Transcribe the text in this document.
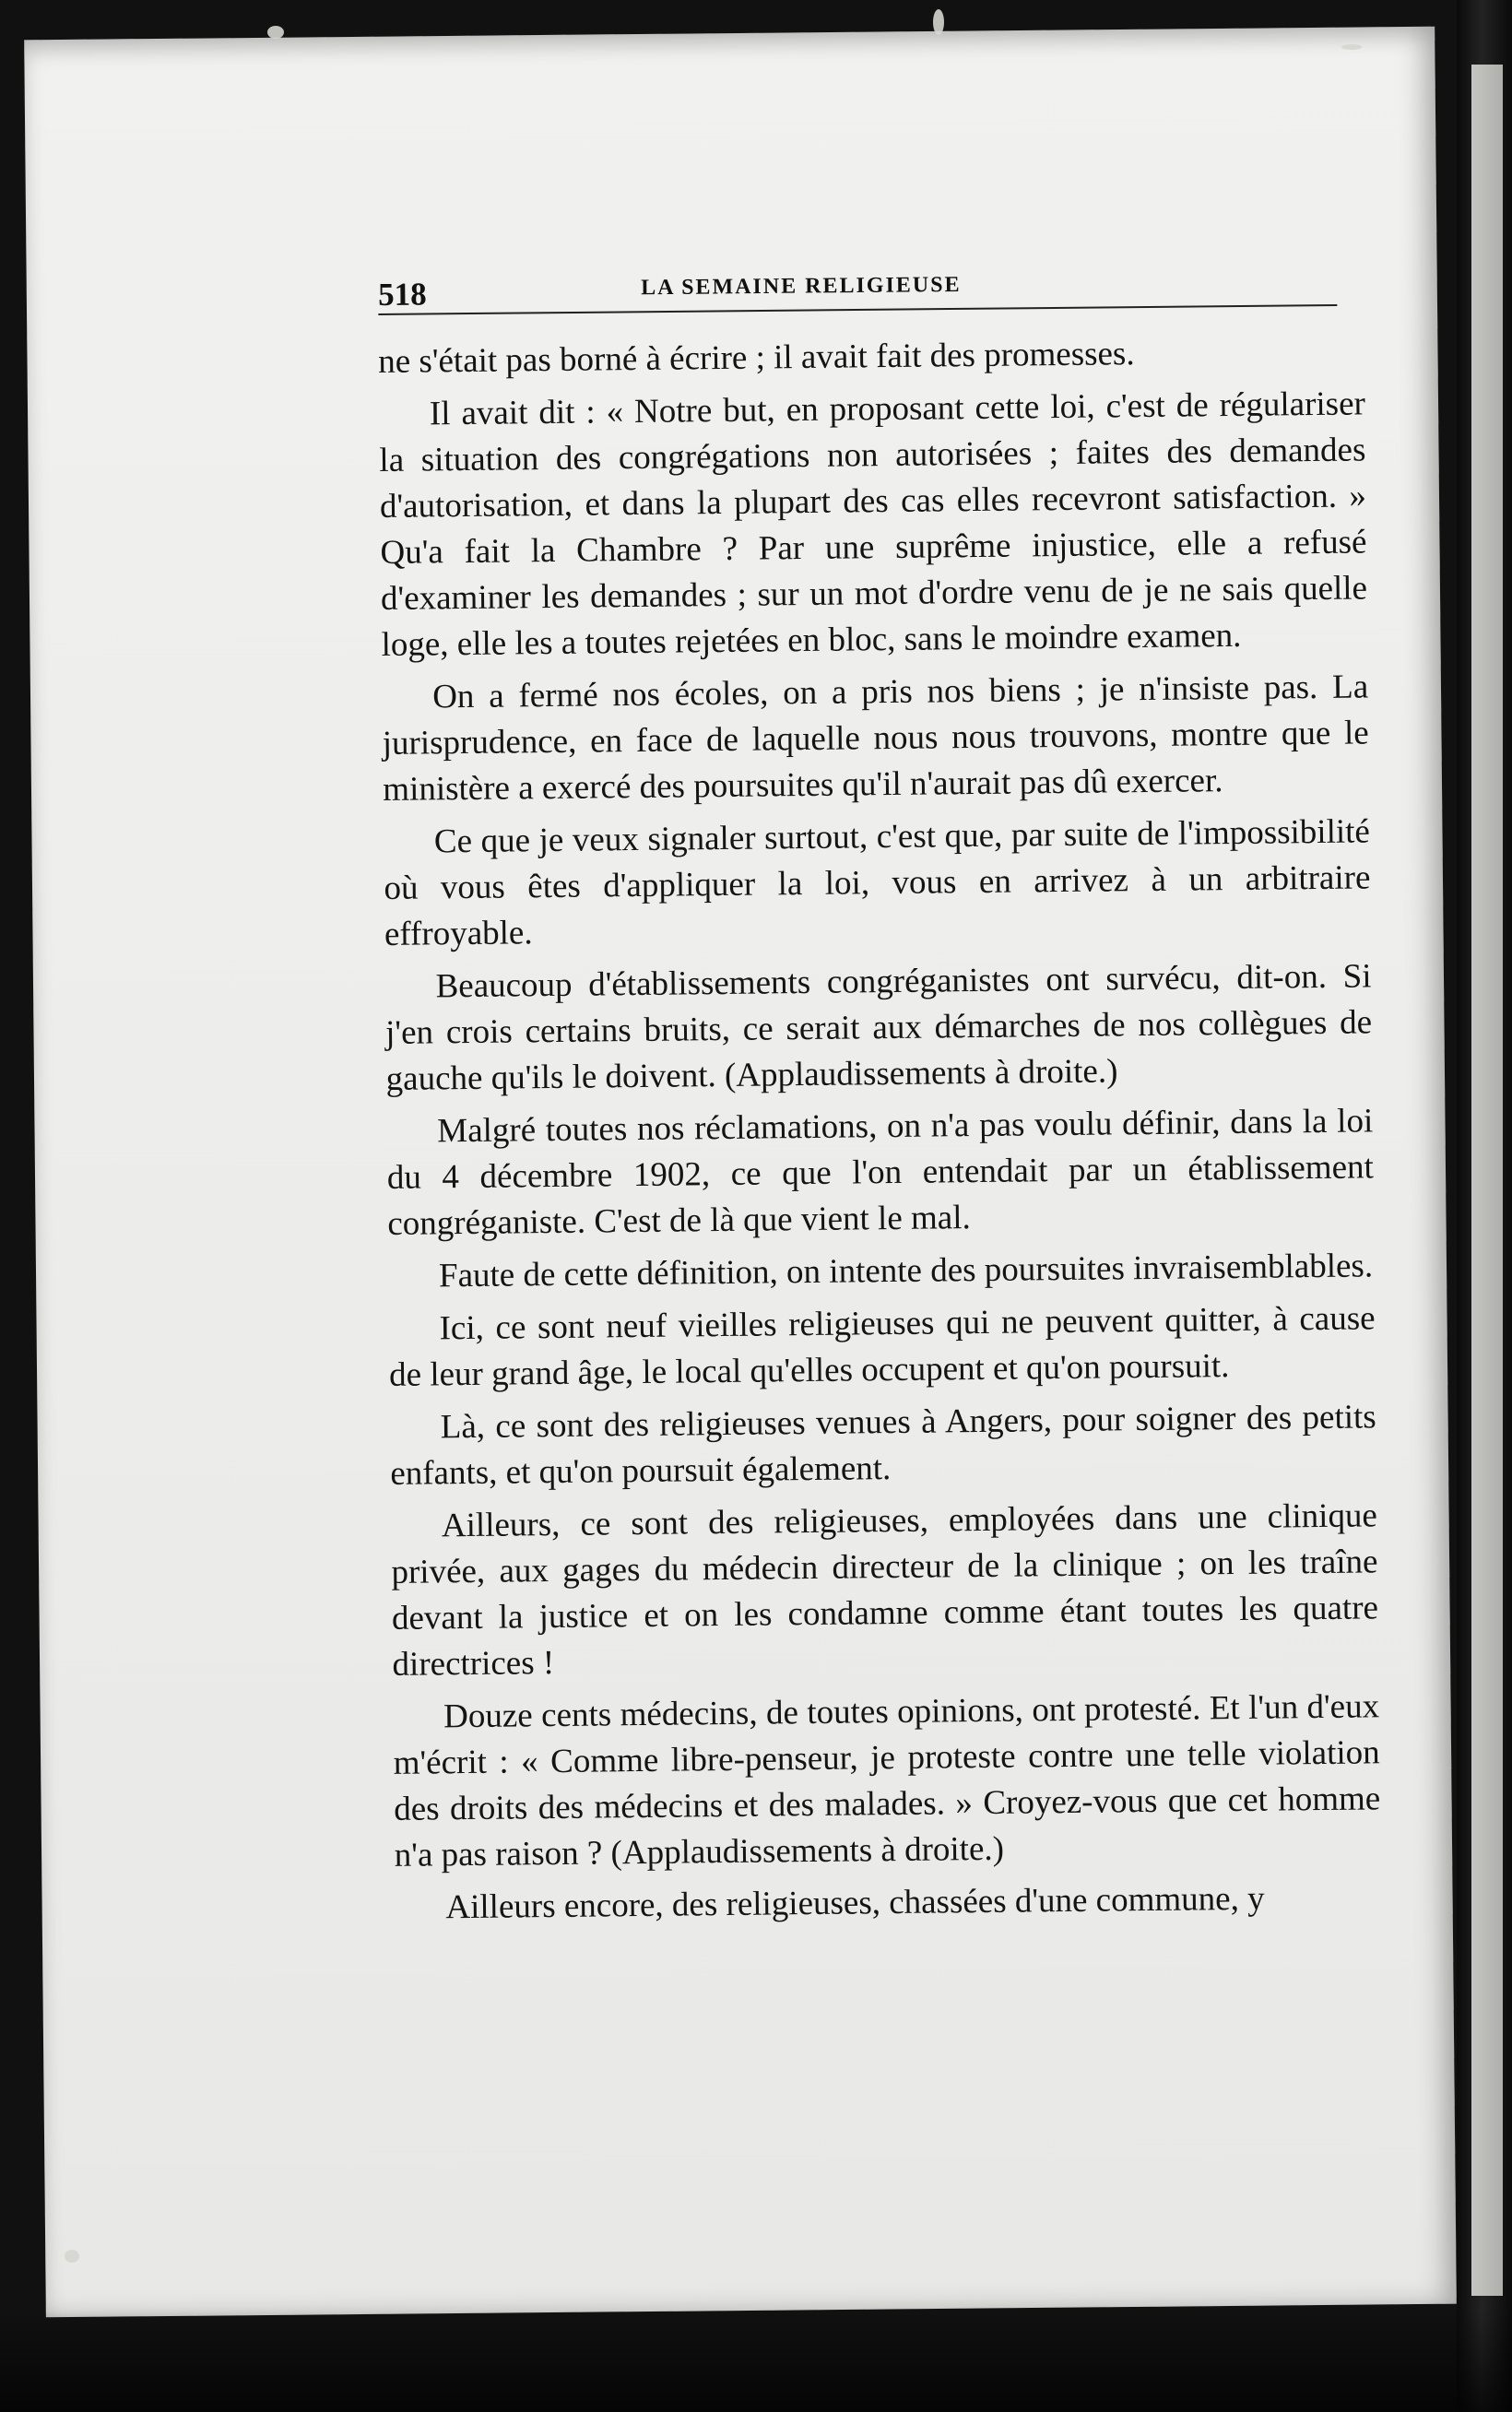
518	LA SEMAINE RELIGIEUSE

ne s'était pas borné à écrire ; il avait fait des promesses.

Il avait dit : « Notre but, en proposant cette loi, c'est de régulariser la situation des congrégations non autorisées ; faites des demandes d'autorisation, et dans la plupart des cas elles recevront satisfaction. » Qu'a fait la Chambre ? Par une suprême injustice, elle a refusé d'examiner les demandes ; sur un mot d'ordre venu de je ne sais quelle loge, elle les a toutes rejetées en bloc, sans le moindre examen.

On a fermé nos écoles, on a pris nos biens ; je n'insiste pas. La jurisprudence, en face de laquelle nous nous trouvons, montre que le ministère a exercé des poursuites qu'il n'aurait pas dû exercer.

Ce que je veux signaler surtout, c'est que, par suite de l'impossibilité où vous êtes d'appliquer la loi, vous en arrivez à un arbitraire effroyable.

Beaucoup d'établissements congréganistes ont survécu, dit-on. Si j'en crois certains bruits, ce serait aux démarches de nos collègues de gauche qu'ils le doivent. (Applaudissements à droite.)

Malgré toutes nos réclamations, on n'a pas voulu définir, dans la loi du 4 décembre 1902, ce que l'on entendait par un établissement congréganiste. C'est de là que vient le mal.

Faute de cette définition, on intente des poursuites invraisemblables.

Ici, ce sont neuf vieilles religieuses qui ne peuvent quitter, à cause de leur grand âge, le local qu'elles occupent et qu'on poursuit.

Là, ce sont des religieuses venues à Angers, pour soigner des petits enfants, et qu'on poursuit également.

Ailleurs, ce sont des religieuses, employées dans une clinique privée, aux gages du médecin directeur de la clinique ; on les traîne devant la justice et on les condamne comme étant toutes les quatre directrices !

Douze cents médecins, de toutes opinions, ont protesté. Et l'un d'eux m'écrit : « Comme libre-penseur, je proteste contre une telle violation des droits des médecins et des malades. » Croyez-vous que cet homme n'a pas raison ? (Applaudissements à droite.)

Ailleurs encore, des religieuses, chassées d'une commune, y
